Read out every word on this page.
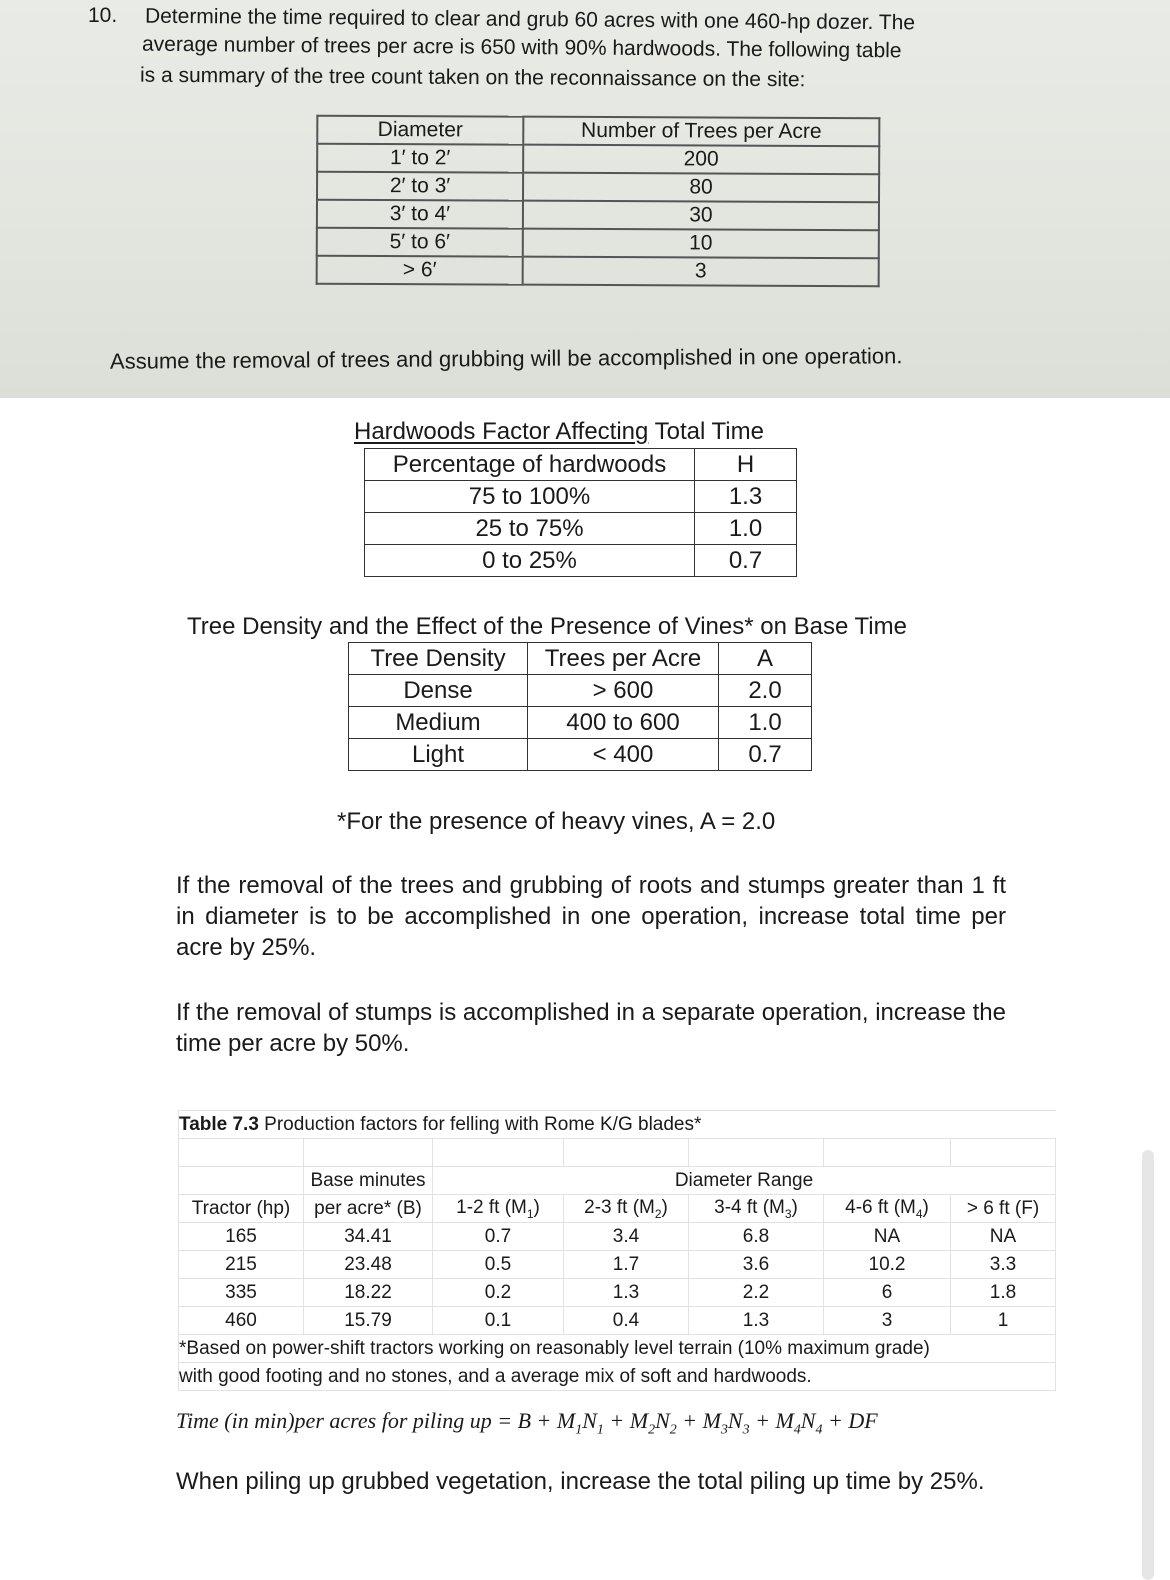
10. Determine the time required to clear and grub 60 acres with one 460-hp dozer. The
average number of trees per acre is 650 with 90% hardwoods. The following table
is a summary of the tree count taken on the reconnaissance on the site:
Diameter	Number of Trees per Acre
1′ to 2′	200
2′ to 3′	80
3′ to 4′	30
5′ to 6′	10
> 6′	3
Assume the removal of trees and grubbing will be accomplished in one operation.
Hardwoods Factor Affecting Total Time
Percentage of hardwoods	H
75 to 100%	1.3
25 to 75%	1.0
0 to 25%	0.7
Tree Density and the Effect of the Presence of Vines* on Base Time
Tree Density	Trees per Acre	A
Dense	> 600	2.0
Medium	400 to 600	1.0
Light	< 400	0.7
*For the presence of heavy vines, A = 2.0
If the removal of the trees and grubbing of roots and stumps greater than 1 ft in diameter is to be accomplished in one operation, increase total time per acre by 25%.
If the removal of stumps is accomplished in a separate operation, increase the time per acre by 50%.
Table 7.3 Production factors for felling with Rome K/G blades*						

	Base minutes	Diameter Range				
Tractor (hp)	per acre* (B)	1-2 ft $(M_1)$	2-3 ft $(M_2)$	3-4 ft $(M_3)$	4-6 ft $(M_4)$	> 6 ft (F)
165	34.41	0.7	3.4	6.8	NA	NA
215	23.48	0.5	1.7	3.6	10.2	3.3
335	18.22	0.2	1.3	2.2	6	1.8
460	15.79	0.1	0.4	1.3	3	1
*Based on power-shift tractors working on reasonably level terrain (10% maximum grade)						
with good footing and no stones, and a average mix of soft and hardwoods.						
Time (in min)per acres for piling up = $B + M_1N_1 + M_2N_2 + M_3N_3 + M_4N_4$ + DF
When piling up grubbed vegetation, increase the total piling up time by 25%.
